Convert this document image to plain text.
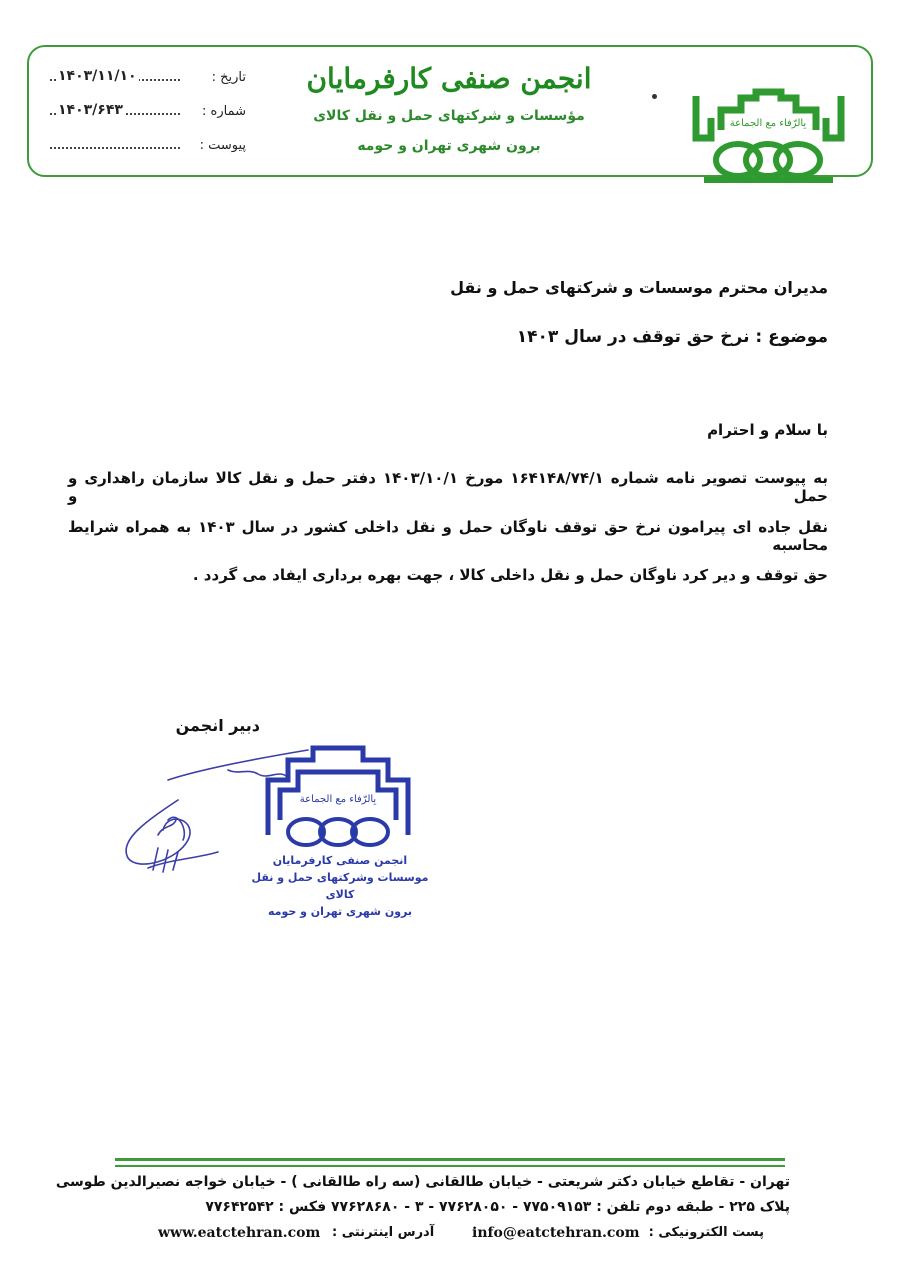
تاریخ :
۱۴۰۳/۱۱/۱۰
شماره :
۱۴۰۳/۶۴۳
پیوست :
انجمن صنفی کارفرمایان
مؤسسات و شرکتهای حمل و نقل کالای
برون شهری تهران و حومه
بِالرّفاء مع الجماعة
مدیران محترم موسسات و شرکتهای حمل و نقل
موضوع : نرخ حق توقف در سال ۱۴۰۳
با سلام و احترام
به پیوست تصویر نامه شماره ۱۶۴۱۴۸/۷۴/۱ مورخ ۱۴۰۳/۱۰/۱ دفتر حمل و نقل کالا سازمان راهداری و حمل و
نقل جاده ای پیرامون نرخ حق توقف ناوگان حمل و نقل داخلی کشور در سال ۱۴۰۳ به همراه شرایط محاسبه
حق توقف و دیر کرد ناوگان حمل و نقل داخلی کالا ، جهت بهره برداری ایفاد می گردد .
دبیر انجمن
بِالرّفاء مع الجماعة
انجمن صنفی کارفرمایان
موسسات وشرکتهای حمل و نقل کالای
برون شهری تهران و حومه
تهران - تقاطع خیابان دکتر شریعتی - خیابان طالقانی (سه راه طالقانی ) - خیابان خواجه نصیرالدین طوسی
پلاک ۲۲۵ - طبقه دوم تلفن : ۷۷۵۰۹۱۵۳ - ۷۷۶۲۸۰۵۰ - ۳ - ۷۷۶۲۸۶۸۰ فکس : ۷۷۶۴۲۵۴۲
پست الکترونیکی :
info@eatctehran.com
آدرس اینترنتی :
www.eatctehran.com
